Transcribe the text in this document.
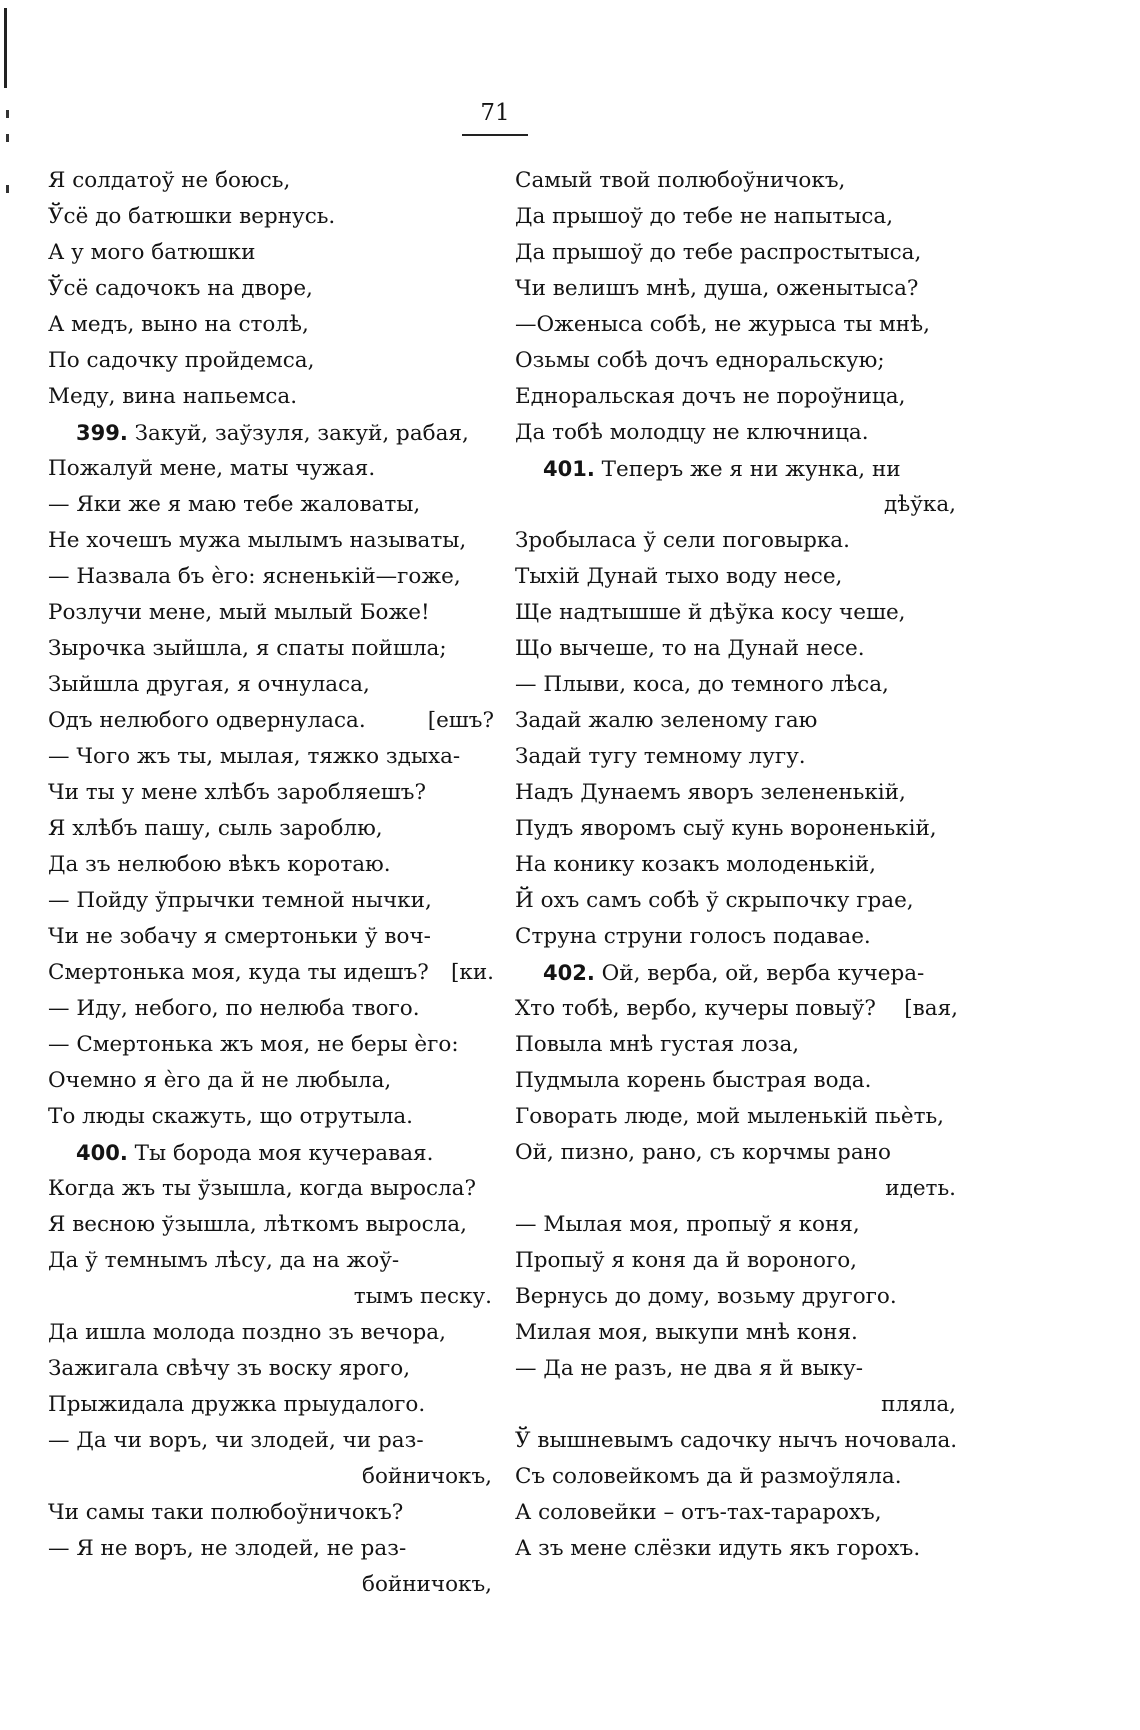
71
Я солдатоў не боюсь,
Ўсё до батюшки вернусь.
А у мого батюшки
Ўсё садочокъ на дворе,
А медъ, выно на столѣ,
По садочку пройдемса,
Меду, вина напьемса.
399. Закуй, заўзуля, закуй, рабая,
Пожалуй мене, маты чужая.
— Яки же я маю тебе жаловаты,
Не хочешъ мужа мылымъ называты,
— Назвала бъ ѐго: ясненькій—гоже,
Розлучи мене, мый мылый Боже!
Зырочка зыйшла, я спаты пойшла;
Зыйшла другая, я очнуласа,
Одъ нелюбого одвернуласа.	[ешъ?
— Чого жъ ты, мылая, тяжко здыха-
Чи ты у мене хлѣбъ заробляешъ?
Я хлѣбъ пашу, сыль зароблю,
Да зъ нелюбою вѣкъ коротаю.
— Пойду ўпрычки темной нычки,
Чи не зобачу я смертоньки ў воч-
Смертонька моя, куда ты идешъ? [ки.
— Иду, небого, по нелюба твого.
— Смертонька жъ моя, не беры ѐго:
Очемно я ѐго да й не любыла,
То люды скажуть, що отрутыла.
400. Ты борода моя кучеравая.
Когда жъ ты ўзышла, когда выросла?
Я весною ўзышла, лѣткомъ выросла,
Да ў темнымъ лѣсу, да на жоў-
тымъ песку.
Да ишла молода поздно зъ вечора,
Зажигала свѣчу зъ воску ярого,
Прыжидала дружка прыудалого.
— Да чи воръ, чи злодей, чи раз-
бойничокъ,
Чи самы таки полюбоўничокъ?
— Я не воръ, не злодей, не раз-
бойничокъ,
Самый твой полюбоўничокъ,
Да прышоў до тебе не напытыса,
Да прышоў до тебе распростытыса,
Чи велишъ мнѣ, душа, оженытыса?
—Оженыса собѣ, не журыса ты мнѣ,
Озьмы собѣ дочъ едноральскую;
Едноральская дочъ не пороўница,
Да тобѣ молодцу не ключница.
401. Теперъ же я ни жунка, ни
дѣўка,
Зробыласа ў сели поговырка.
Тыхій Дунай тыхо воду несе,
Ще надтышше й дѣўка косу чеше,
Що вычеше, то на Дунай несе.
— Плыви, коса, до темного лѣса,
Задай жалю зеленому гаю
Задай тугу темному лугу.
Надъ Дунаемъ яворъ зелененькій,
Пудъ яворомъ сыў кунь вороненькій,
На конику козакъ молоденькій,
Й охъ самъ собѣ ў скрыпочку грае,
Струна струни голосъ подавае.
402. Ой, верба, ой, верба кучера-
Хто тобѣ, вербо, кучеры повыў? [вая,
Повыла мнѣ густая лоза,
Пудмыла корень быстрая вода.
Говорать люде, мой мыленькій пьѐть,
Ой, пизно, рано, съ корчмы рано
идеть.
— Мылая моя, пропыў я коня,
Пропыў я коня да й вороного,
Вернусь до дому, возьму другого.
Милая моя, выкупи мнѣ коня.
— Да не разъ, не два я й выку-
пляла,
Ў вышневымъ садочку нычъ ночовала.
Съ соловейкомъ да й размоўляла.
А соловейки – отъ-тах-тарарохъ,
А зъ мене слёзки идуть якъ горохъ.
